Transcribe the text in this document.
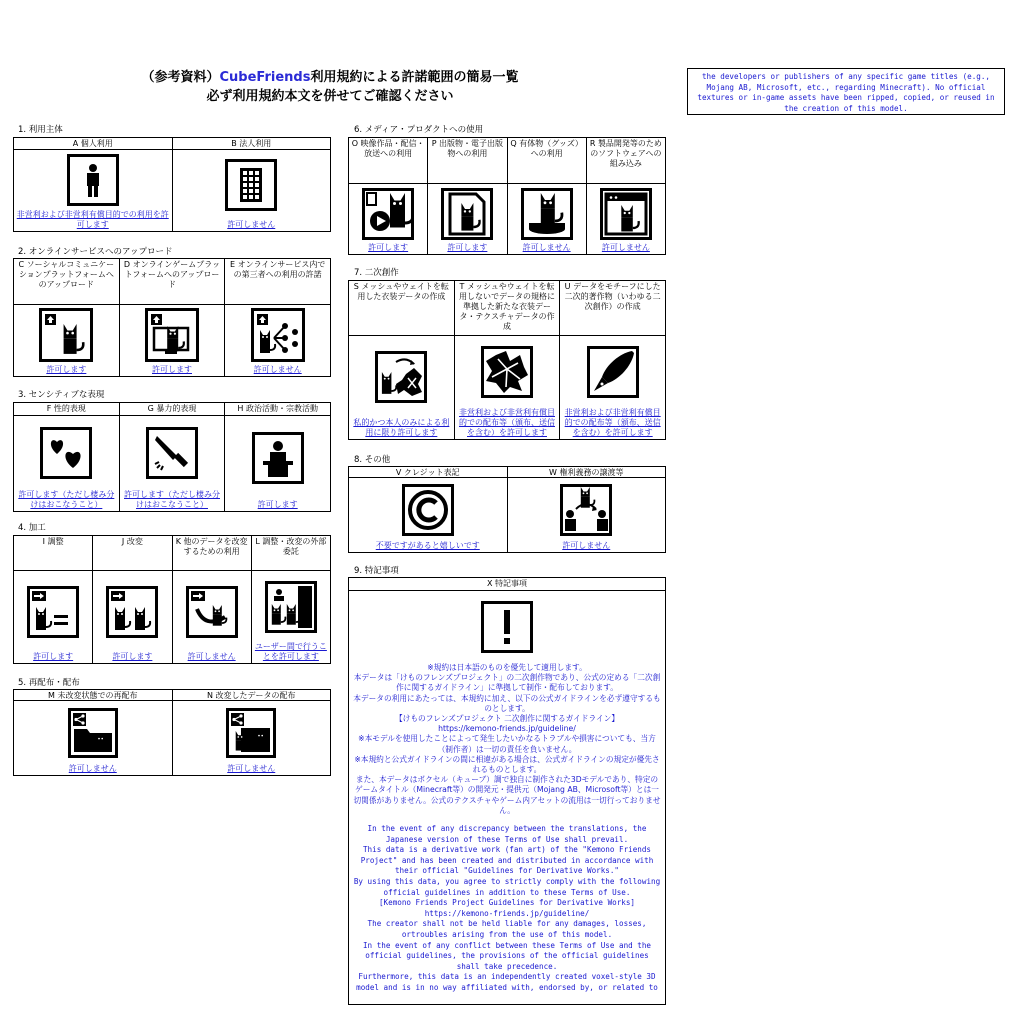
（参考資料）CubeFriends利用規約による許諾範囲の簡易一覧
必ず利用規約本文を併せてご確認ください
the developers or publishers of any specific game titles (e.g., Mojang AB, Microsoft, etc., regarding Minecraft). No official textures or in-game assets have been ripped, copied, or reused in the creation of this model.
1. 利用主体
A 個人利用
非営利および非営利有償目的での利用を許可します
B 法人利用
許可しません
2. オンラインサービスへのアップロード
C ソーシャルコミュニケーションプラットフォームへのアップロード
許可します
D オンラインゲームプラットフォームへのアップロード
許可します
E オンラインサービス内での第三者への利用の許諾
許可しません
3. センシティブな表現
F 性的表現
許可します（ただし棲み分けはおこなうこと）
G 暴力的表現
許可します（ただし棲み分けはおこなうこと）
H 政治活動・宗教活動
許可します
4. 加工
I 調整
許可します
J 改変
許可します
K 他のデータを改変するための利用
許可しません
L 調整・改変の外部委託
ユーザー間で行うことを許可します
5. 再配布・配布
M 未改変状態での再配布
許可しません
N 改変したデータの配布
許可しません
6. メディア・プロダクトへの使用
O 映像作品・配信・放送への利用
許可します
P 出版物・電子出版物への利用
許可します
Q 有体物（グッズ）への利用
許可しません
R 製品開発等のためのソフトウェアへの組み込み
許可しません
7. 二次創作
S メッシュやウェイトを転用した衣装データの作成
私的かつ本人のみによる利用に限り許可します
T メッシュやウェイトを転用しないでデータの規格に準拠した新たな衣装データ・テクスチャデータの作成
非営利および非営利有償目的での配布等（頒布、送信を含む）を許可します
U データをモチーフにした二次的著作物（いわゆる二次創作）の作成
非営利および非営利有償目的での配布等（頒布、送信を含む）を許可します
8. その他
V クレジット表記
不要ですがあると嬉しいです
W 権利義務の譲渡等
許可しません
9. 特記事項
X 特記事項
※規約は日本語のものを優先して適用します。
本データは「けものフレンズプロジェクト」の二次創作物であり、公式の定める「二次創作に関するガイドライン」に準拠して制作・配布しております。
本データの利用にあたっては、本規約に加え、以下の公式ガイドラインを必ず遵守するものとします。
【けものフレンズプロジェクト 二次創作に関するガイドライン】
https://kemono-friends.jp/guideline/
※本モデルを使用したことによって発生したいかなるトラブルや損害についても、当方（制作者）は一切の責任を負いません。
※本規約と公式ガイドラインの間に相違がある場合は、公式ガイドラインの規定が優先されるものとします。
また、本データはボクセル（キューブ）調で独自に制作された3Dモデルであり、特定のゲームタイトル（Minecraft等）の開発元・提供元（Mojang AB、Microsoft等）とは一切関係がありません。公式のテクスチャやゲーム内アセットの流用は一切行っておりません。
In the event of any discrepancy between the translations, the Japanese version of these Terms of Use shall prevail.
This data is a derivative work (fan art) of the "Kemono Friends Project" and has been created and distributed in accordance with their official "Guidelines for Derivative Works."
By using this data, you agree to strictly comply with the following official guidelines in addition to these Terms of Use.
[Kemono Friends Project Guidelines for Derivative Works]
https://kemono-friends.jp/guideline/
The creator shall not be held liable for any damages, losses, ortroubles arising from the use of this model.
In the event of any conflict between these Terms of Use and the official guidelines, the provisions of the official guidelines shall take precedence.
Furthermore, this data is an independently created voxel-style 3D model and is in no way affiliated with, endorsed by, or related to
